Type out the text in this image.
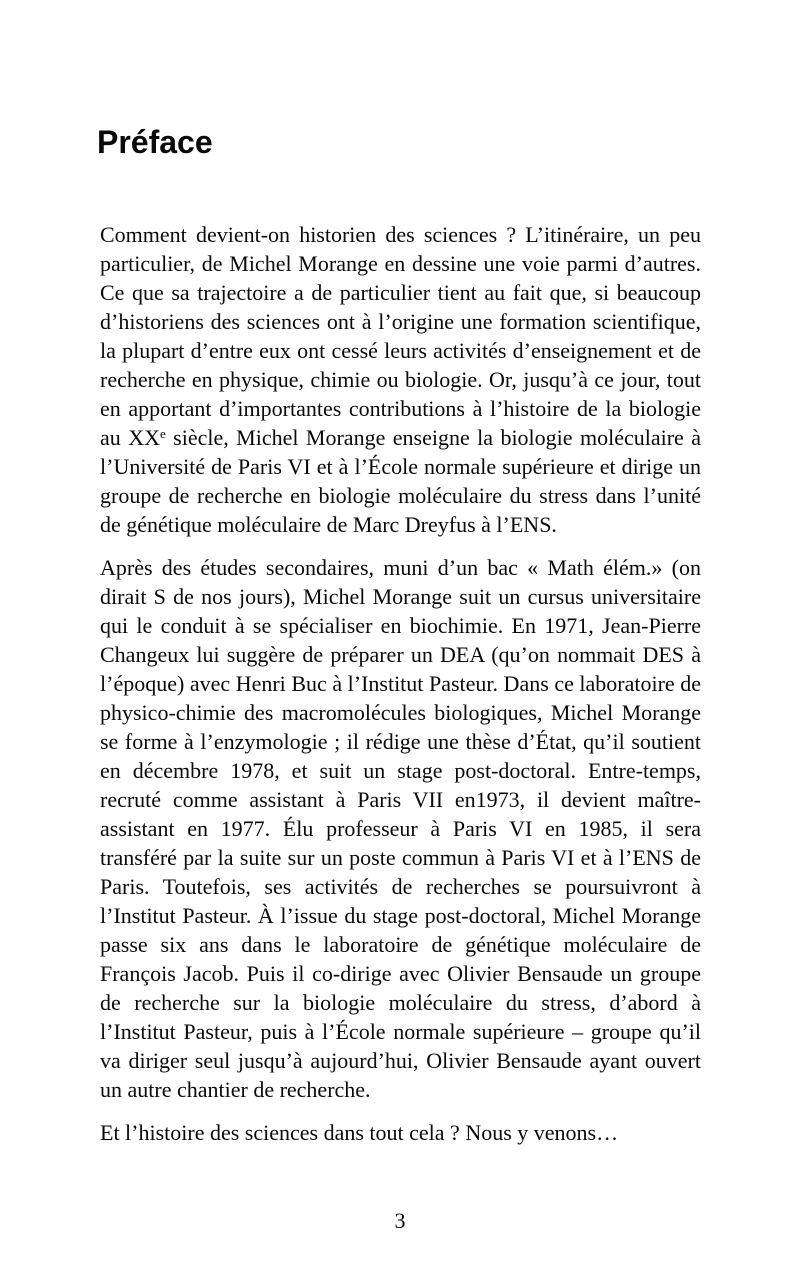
Préface

Comment devient-on historien des sciences ? L’itinéraire, un peu particulier, de Michel Morange en dessine une voie parmi d’autres. Ce que sa trajectoire a de particulier tient au fait que, si beaucoup d’historiens des sciences ont à l’origine une formation scientifique, la plupart d’entre eux ont cessé leurs activités d’enseignement et de recherche en physique, chimie ou biologie. Or, jusqu’à ce jour, tout en apportant d’importantes contributions à l’histoire de la biologie au XXe siècle, Michel Morange enseigne la biologie moléculaire à l’Université de Paris VI et à l’École normale supérieure et dirige un groupe de recherche en biologie moléculaire du stress dans l’unité de génétique moléculaire de Marc Dreyfus à l’ENS.

Après des études secondaires, muni d’un bac « Math élém.» (on dirait S de nos jours), Michel Morange suit un cursus universitaire qui le conduit à se spécialiser en biochimie. En 1971, Jean-Pierre Changeux lui suggère de préparer un DEA (qu’on nommait DES à l’époque) avec Henri Buc à l’Institut Pasteur. Dans ce laboratoire de physico-chimie des macromolécules biologiques, Michel Morange se forme à l’enzymologie ; il rédige une thèse d’État, qu’il soutient en décembre 1978, et suit un stage post-doctoral. Entre-temps, recruté comme assistant à Paris VII en1973, il devient maître-assistant en 1977. Élu professeur à Paris VI en 1985, il sera transféré par la suite sur un poste commun à Paris VI et à l’ENS de Paris. Toutefois, ses activités de recherches se poursuivront à l’Institut Pasteur. À l’issue du stage post-doctoral, Michel Morange passe six ans dans le laboratoire de génétique moléculaire de François Jacob. Puis il co-dirige avec Olivier Bensaude un groupe de recherche sur la biologie moléculaire du stress, d’abord à l’Institut Pasteur, puis à l’École normale supérieure – groupe qu’il va diriger seul jusqu’à aujourd’hui, Olivier Bensaude ayant ouvert un autre chantier de recherche.

Et l’histoire des sciences dans tout cela ? Nous y venons…

3
